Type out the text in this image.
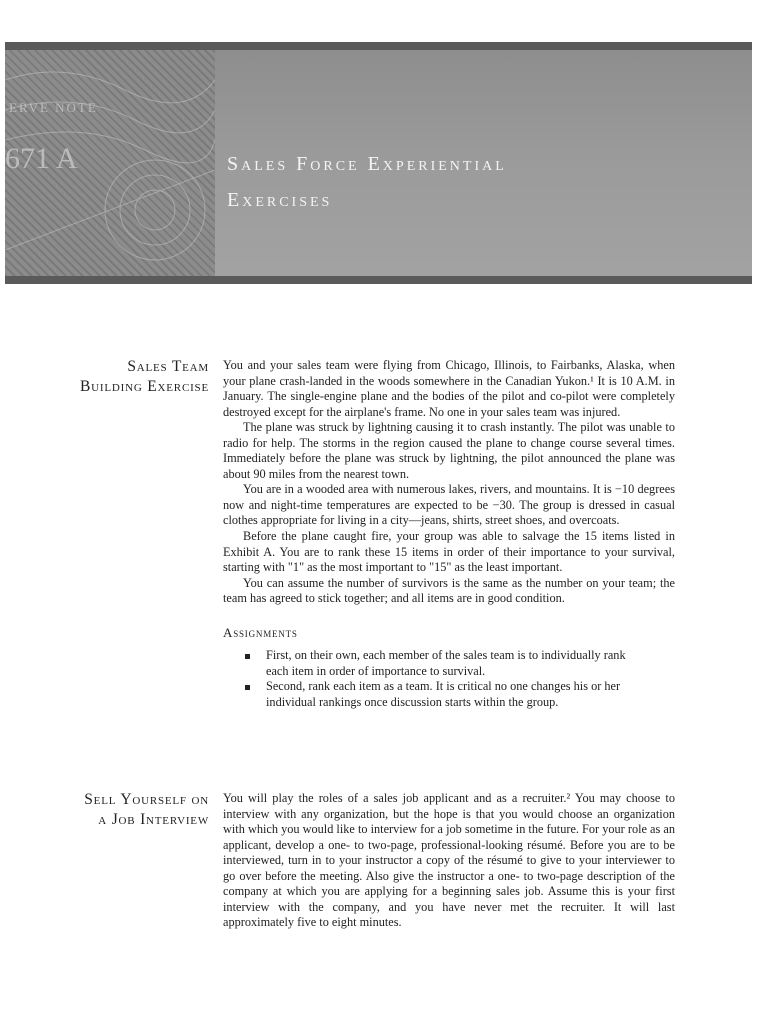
ERVE NOTE
671 A	Sales Force Experiential
Exercises
Sales Team
Building Exercise

You and your sales team were flying from Chicago, Illinois, to Fairbanks, Alaska, when your plane crash-landed in the woods somewhere in the Canadian Yukon.¹ It is 10 A.M. in January. The single-engine plane and the bodies of the pilot and co-pilot were completely destroyed except for the airplane's frame. No one in your sales team was injured.

The plane was struck by lightning causing it to crash instantly. The pilot was unable to radio for help. The storms in the region caused the plane to change course several times. Immediately before the plane was struck by lightning, the pilot announced the plane was about 90 miles from the nearest town.

You are in a wooded area with numerous lakes, rivers, and mountains. It is −10 degrees now and night-time temperatures are expected to be −30. The group is dressed in casual clothes appropriate for living in a city—jeans, shirts, street shoes, and overcoats.

Before the plane caught fire, your group was able to salvage the 15 items listed in Exhibit A. You are to rank these 15 items in order of their importance to your survival, starting with "1" as the most important to "15" as the least important.

You can assume the number of survivors is the same as the number on your team; the team has agreed to stick together; and all items are in good condition.

Assignments
First, on their own, each member of the sales team is to individually rank each item in order of importance to survival.
Second, rank each item as a team. It is critical no one changes his or her individual rankings once discussion starts within the group.
Sell Yourself on
a Job Interview

You will play the roles of a sales job applicant and as a recruiter.² You may choose to interview with any organization, but the hope is that you would choose an organization with which you would like to interview for a job sometime in the future. For your role as an applicant, develop a one- to two-page, professional-looking résumé. Before you are to be interviewed, turn in to your instructor a copy of the résumé to give to your interviewer to go over before the meeting. Also give the instructor a one- to two-page description of the company at which you are applying for a beginning sales job. Assume this is your first interview with the company, and you have never met the recruiter. It will last approximately five to eight minutes.
